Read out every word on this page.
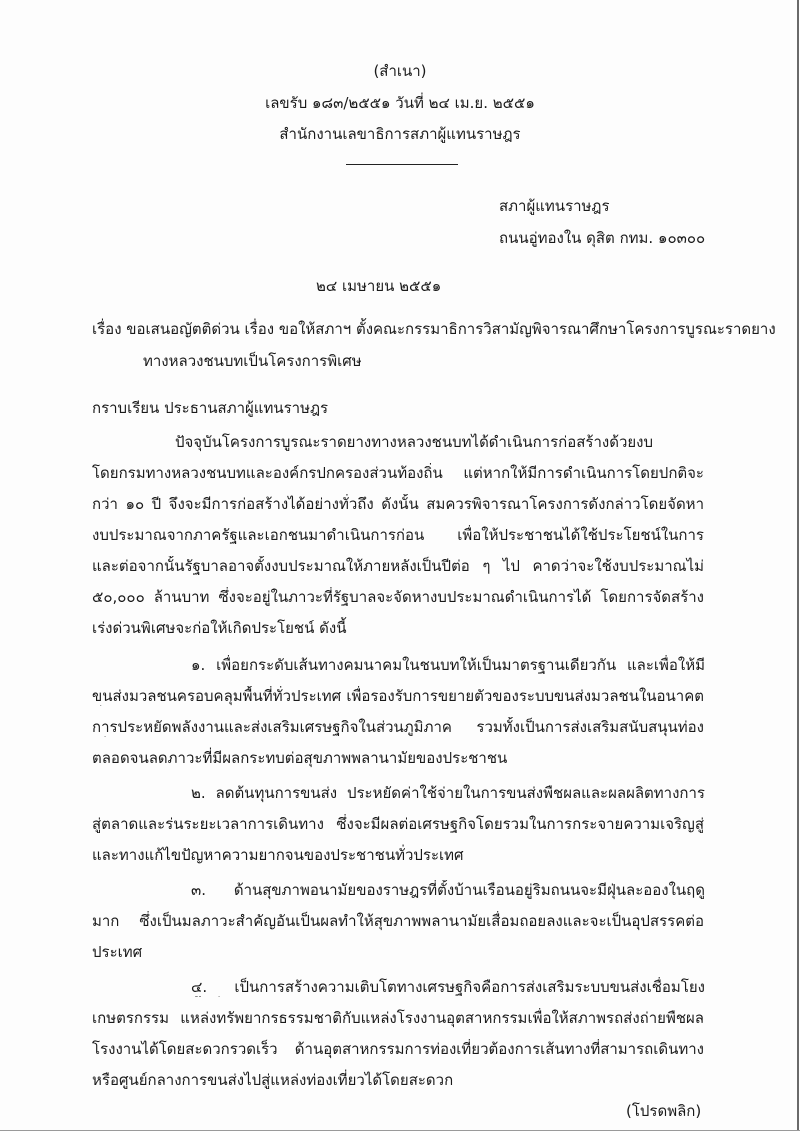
(สำเนา)
เลขรับ ๑๘๓/๒๕๕๑ วันที่ ๒๔ เม.ย. ๒๕๕๑
สำนักงานเลขาธิการสภาผู้แทนราษฎร
สภาผู้แทนราษฎร
ถนนอู่ทองใน ดุสิต กทม. ๑๐๓๐๐
๒๔ เมษายน ๒๕๕๑
เรื่อง ขอเสนอญัตติด่วน เรื่อง ขอให้สภาฯ ตั้งคณะกรรมาธิการวิสามัญพิจารณาศึกษาโครงการบูรณะราดยาง
ทางหลวงชนบทเป็นโครงการพิเศษ
กราบเรียน ประธานสภาผู้แทนราษฎร
ปัจจุบันโครงการบูรณะราดยางทางหลวงชนบทได้ดำเนินการก่อสร้างด้วยงบ
โดยกรมทางหลวงชนบทและองค์กรปกครองส่วนท้องถิ่น แต่หากให้มีการดำเนินการโดยปกติจะ
กว่า ๑๐ ปี จึงจะมีการก่อสร้างได้อย่างทั่วถึง ดังนั้น สมควรพิจารณาโครงการดังกล่าวโดยจัดหา
งบประมาณจากภาครัฐและเอกชนมาดำเนินการก่อน เพื่อให้ประชาชนได้ใช้ประโยชน์ในการ
และต่อจากนั้นรัฐบาลอาจตั้งงบประมาณให้ภายหลังเป็นปีต่อ ๆ ไป คาดว่าจะใช้งบประมาณไม่
๕๐,๐๐๐ ล้านบาท ซึ่งจะอยู่ในภาวะที่รัฐบาลจะจัดหางบประมาณดำเนินการได้ โดยการจัดสร้าง
เร่งด่วนพิเศษจะก่อให้เกิดประโยชน์ ดังนี้
๑. เพื่อยกระดับเส้นทางคมนาคมในชนบทให้เป็นมาตรฐานเดียวกัน และเพื่อให้มี
ขนส่งมวลชนครอบคลุมพื้นที่ทั่วประเทศ เพื่อรองรับการขยายตัวของระบบขนส่งมวลชนในอนาคต
การประหยัดพลังงานและส่งเสริมเศรษฐกิจในส่วนภูมิภาค รวมทั้งเป็นการส่งเสริมสนับสนุนท่อง
ตลอดจนลดภาวะที่มีผลกระทบต่อสุขภาพพลานามัยของประชาชน
๒. ลดต้นทุนการขนส่ง ประหยัดค่าใช้จ่ายในการขนส่งพืชผลและผลผลิตทางการ
สู่ตลาดและร่นระยะเวลาการเดินทาง ซึ่งจะมีผลต่อเศรษฐกิจโดยรวมในการกระจายความเจริญสู่
และทางแก้ไขปัญหาความยากจนของประชาชนทั่วประเทศ
๓. ด้านสุขภาพอนามัยของราษฎรที่ตั้งบ้านเรือนอยู่ริมถนนจะมีฝุ่นละอองในฤดู
มาก ซึ่งเป็นมลภาวะสำคัญอันเป็นผลทำให้สุขภาพพลานามัยเสื่อมถอยลงและจะเป็นอุปสรรคต่อ
ประเทศ
๔. เป็นการสร้างความเติบโตทางเศรษฐกิจคือการส่งเสริมระบบขนส่งเชื่อมโยง
เกษตรกรรม แหล่งทรัพยากรธรรมชาติกับแหล่งโรงงานอุตสาหกรรมเพื่อให้สภาพรถส่งถ่ายพืชผล
โรงงานได้โดยสะดวกรวดเร็ว ด้านอุตสาหกรรมการท่องเที่ยวต้องการเส้นทางที่สามารถเดินทาง
หรือศูนย์กลางการขนส่งไปสู่แหล่งท่องเที่ยวได้โดยสะดวก
(โปรดพลิก)
